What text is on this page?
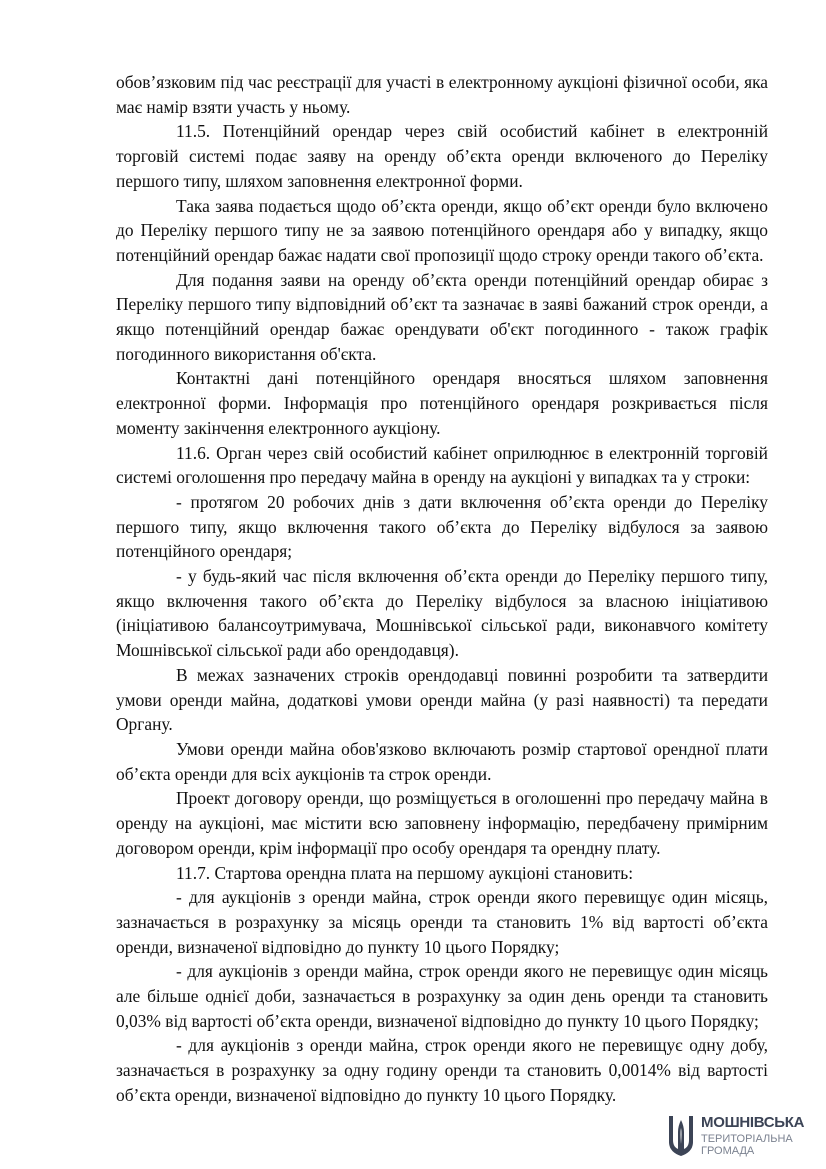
обов’язковим під час реєстрації для участі в електронному аукціоні фізичної особи, яка має намір взяти участь у ньому.

11.5. Потенційний орендар через свій особистий кабінет в електронній торговій системі подає заяву на оренду об’єкта оренди включеного до Переліку першого типу, шляхом заповнення електронної форми.

Така заява подається щодо об’єкта оренди, якщо об’єкт оренди було включено до Переліку першого типу не за заявою потенційного орендаря або у випадку, якщо потенційний орендар бажає надати свої пропозиції щодо строку оренди такого об’єкта.

Для подання заяви на оренду об’єкта оренди потенційний орендар обирає з Переліку першого типу відповідний об’єкт та зазначає в заяві бажаний строк оренди, а якщо потенційний орендар бажає орендувати об'єкт погодинного - також графік погодинного використання об'єкта.

Контактні дані потенційного орендаря вносяться шляхом заповнення електронної форми. Інформація про потенційного орендаря розкривається після моменту закінчення електронного аукціону.

11.6. Орган через свій особистий кабінет оприлюднює в електронній торговій системі оголошення про передачу майна в оренду на аукціоні у випадках та у строки:

- протягом 20 робочих днів з дати включення об’єкта оренди до Переліку першого типу, якщо включення такого об’єкта до Переліку відбулося за заявою потенційного орендаря;

- у будь-який час після включення об’єкта оренди до Переліку першого типу, якщо включення такого об’єкта до Переліку відбулося за власною ініціативою (ініціативою балансоутримувача, Мошнівської сільської ради, виконавчого комітету Мошнівської сільської ради або орендодавця).

В межах зазначених строків орендодавці повинні розробити та затвердити умови оренди майна, додаткові умови оренди майна (у разі наявності) та передати Органу.

Умови оренди майна обов'язково включають розмір стартової орендної плати об’єкта оренди для всіх аукціонів та строк оренди.

Проект договору оренди, що розміщується в оголошенні про передачу майна в оренду на аукціоні, має містити всю заповнену інформацію, передбачену примірним договором оренди, крім інформації про особу орендаря та орендну плату.

11.7. Стартова орендна плата на першому аукціоні становить:

- для аукціонів з оренди майна, строк оренди якого перевищує один місяць, зазначається в розрахунку за місяць оренди та становить 1% від вартості об’єкта оренди, визначеної відповідно до пункту 10 цього Порядку;

- для аукціонів з оренди майна, строк оренди якого не перевищує один місяць але більше однієї доби, зазначається в розрахунку за один день оренди та становить 0,03% від вартості об’єкта оренди, визначеної відповідно до пункту 10 цього Порядку;

- для аукціонів з оренди майна, строк оренди якого не перевищує одну добу, зазначається в розрахунку за одну годину оренди та становить 0,0014% від вартості об’єкта оренди, визначеної відповідно до пункту 10 цього Порядку.

МОШНІВСЬКА
ТЕРИТОРІАЛЬНА
ГРОМАДА
